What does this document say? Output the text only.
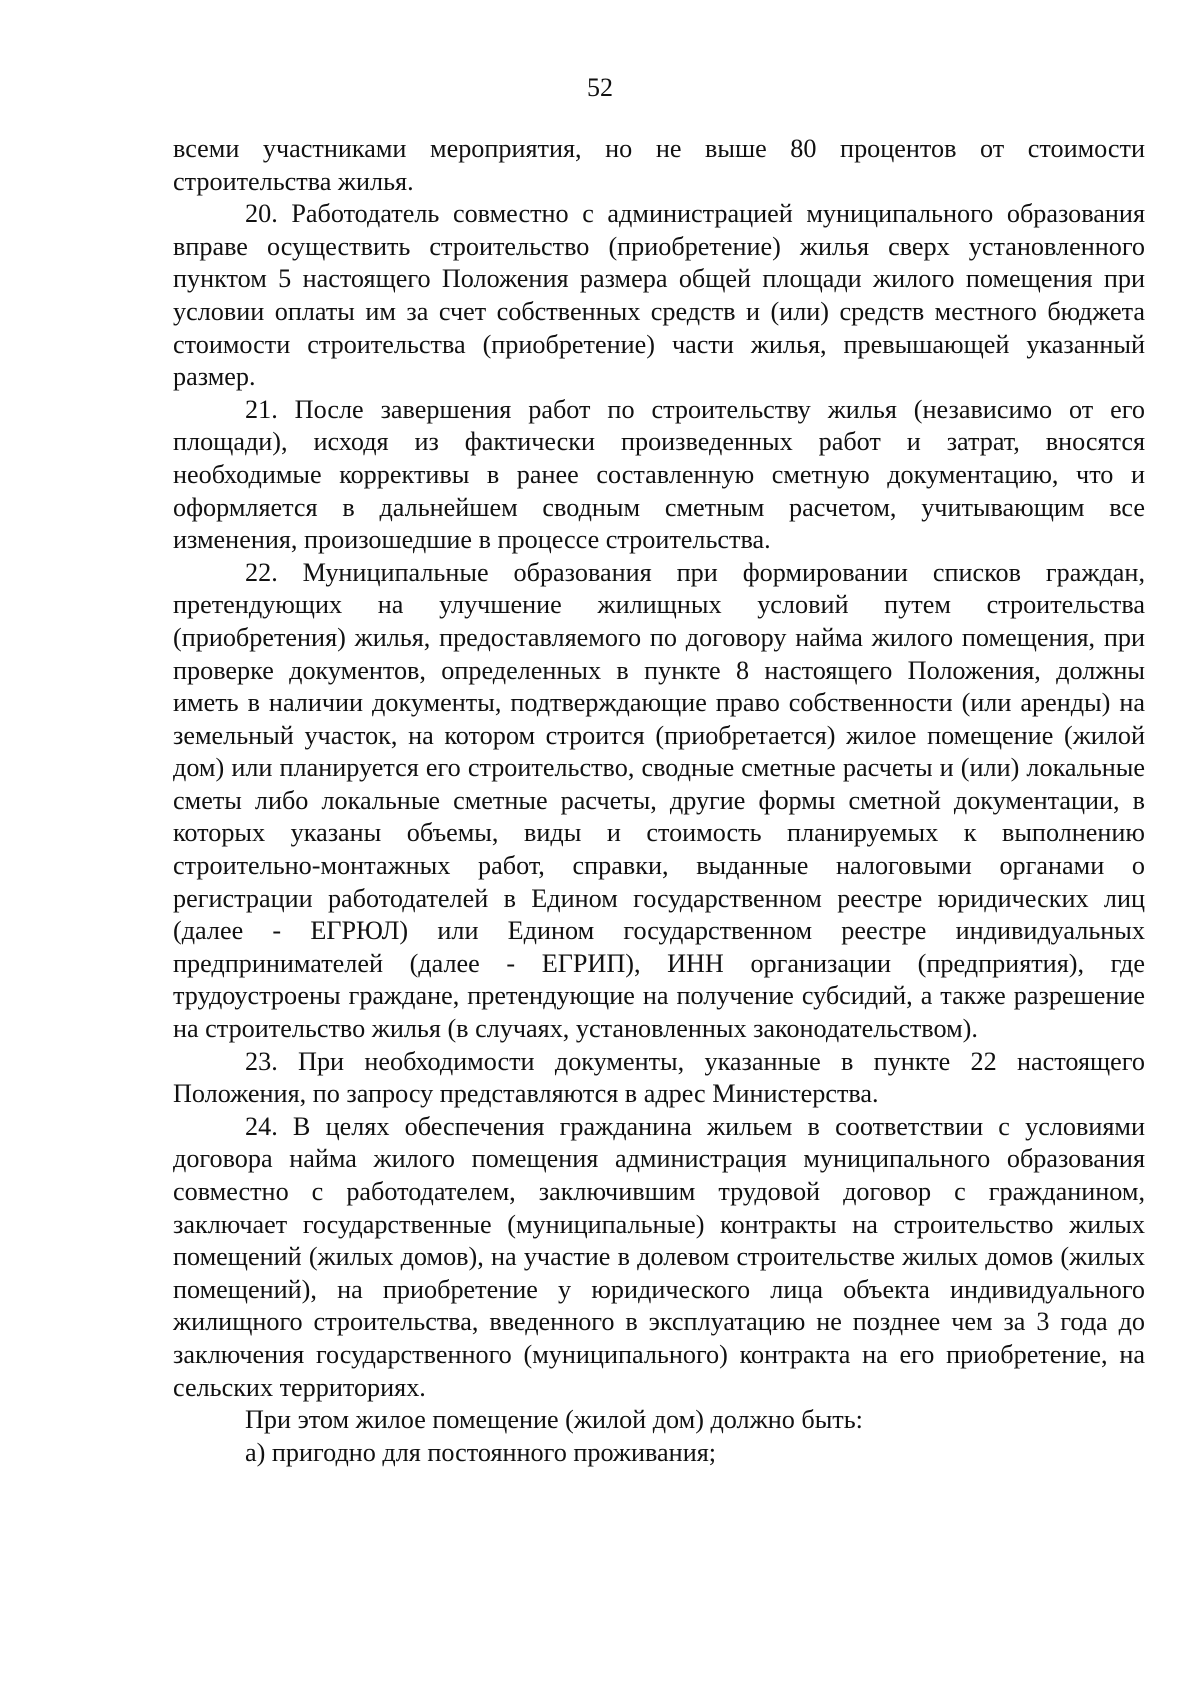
52

всеми участниками мероприятия, но не выше 80 процентов от стоимости строительства жилья.

20. Работодатель совместно с администрацией муниципального образования вправе осуществить строительство (приобретение) жилья сверх установленного пунктом 5 настоящего Положения размера общей площади жилого помещения при условии оплаты им за счет собственных средств и (или) средств местного бюджета стоимости строительства (приобретение) части жилья, превышающей указанный размер.

21. После завершения работ по строительству жилья (независимо от его площади), исходя из фактически произведенных работ и затрат, вносятся необходимые коррективы в ранее составленную сметную документацию, что и оформляется в дальнейшем сводным сметным расчетом, учитывающим все изменения, произошедшие в процессе строительства.

22. Муниципальные образования при формировании списков граждан, претендующих на улучшение жилищных условий путем строительства (приобретения) жилья, предоставляемого по договору найма жилого помещения, при проверке документов, определенных в пункте 8 настоящего Положения, должны иметь в наличии документы, подтверждающие право собственности (или аренды) на земельный участок, на котором строится (приобретается) жилое помещение (жилой дом) или планируется его строительство, сводные сметные расчеты и (или) локальные сметы либо локальные сметные расчеты, другие формы сметной документации, в которых указаны объемы, виды и стоимость планируемых к выполнению строительно-монтажных работ, справки, выданные налоговыми органами о регистрации работодателей в Едином государственном реестре юридических лиц (далее - ЕГРЮЛ) или Едином государственном реестре индивидуальных предпринимателей (далее - ЕГРИП), ИНН организации (предприятия), где трудоустроены граждане, претендующие на получение субсидий, а также разрешение на строительство жилья (в случаях, установленных законодательством).

23. При необходимости документы, указанные в пункте 22 настоящего Положения, по запросу представляются в адрес Министерства.

24. В целях обеспечения гражданина жильем в соответствии с условиями договора найма жилого помещения администрация муниципального образования совместно с работодателем, заключившим трудовой договор с гражданином, заключает государственные (муниципальные) контракты на строительство жилых помещений (жилых домов), на участие в долевом строительстве жилых домов (жилых помещений), на приобретение у юридического лица объекта индивидуального жилищного строительства, введенного в эксплуатацию не позднее чем за 3 года до заключения государственного (муниципального) контракта на его приобретение, на сельских территориях.

При этом жилое помещение (жилой дом) должно быть:

а) пригодно для постоянного проживания;
